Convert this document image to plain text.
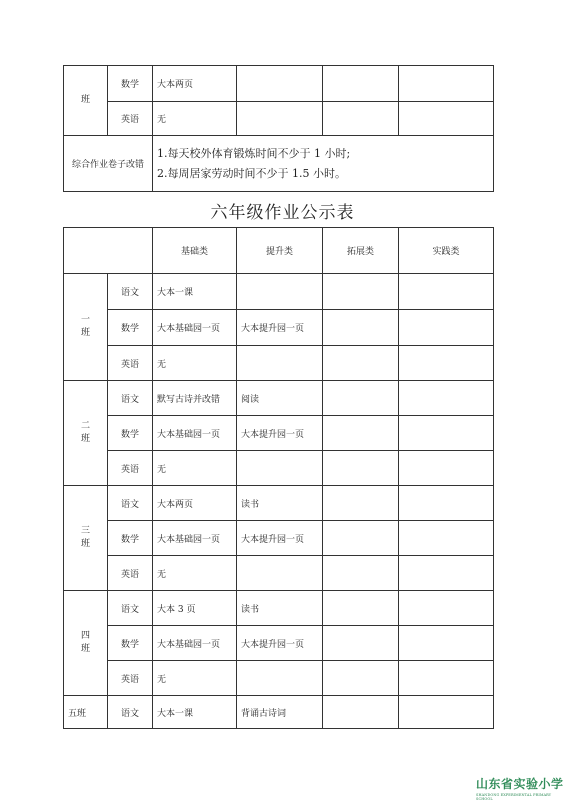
班	数学	大本两页			
	英语	无			
综合作业卷子改错		1.每天校外体育锻炼时间不少于 1 小时;
2.每周居家劳动时间不少于 1.5 小时。			
六年级作业公示表
		基础类	提升类	拓展类	实践类

一
班	语文	大本一课			
	数学	大本基础园一页	大本提升园一页		
	英语	无			

二
班	语文	默写古诗并改错	阅读		
	数学	大本基础园一页	大本提升园一页		
	英语	无			

三
班	语文	大本两页	读书		
	数学	大本基础园一页	大本提升园一页		
	英语	无			

四
班	语文	大本 3 页	读书		
	数学	大本基础园一页	大本提升园一页		
	英语	无			
五班	语文	大本一课	背诵古诗词		
山东省实验小学
SHANDONG EXPERIMENTAL PRIMARY SCHOOL
